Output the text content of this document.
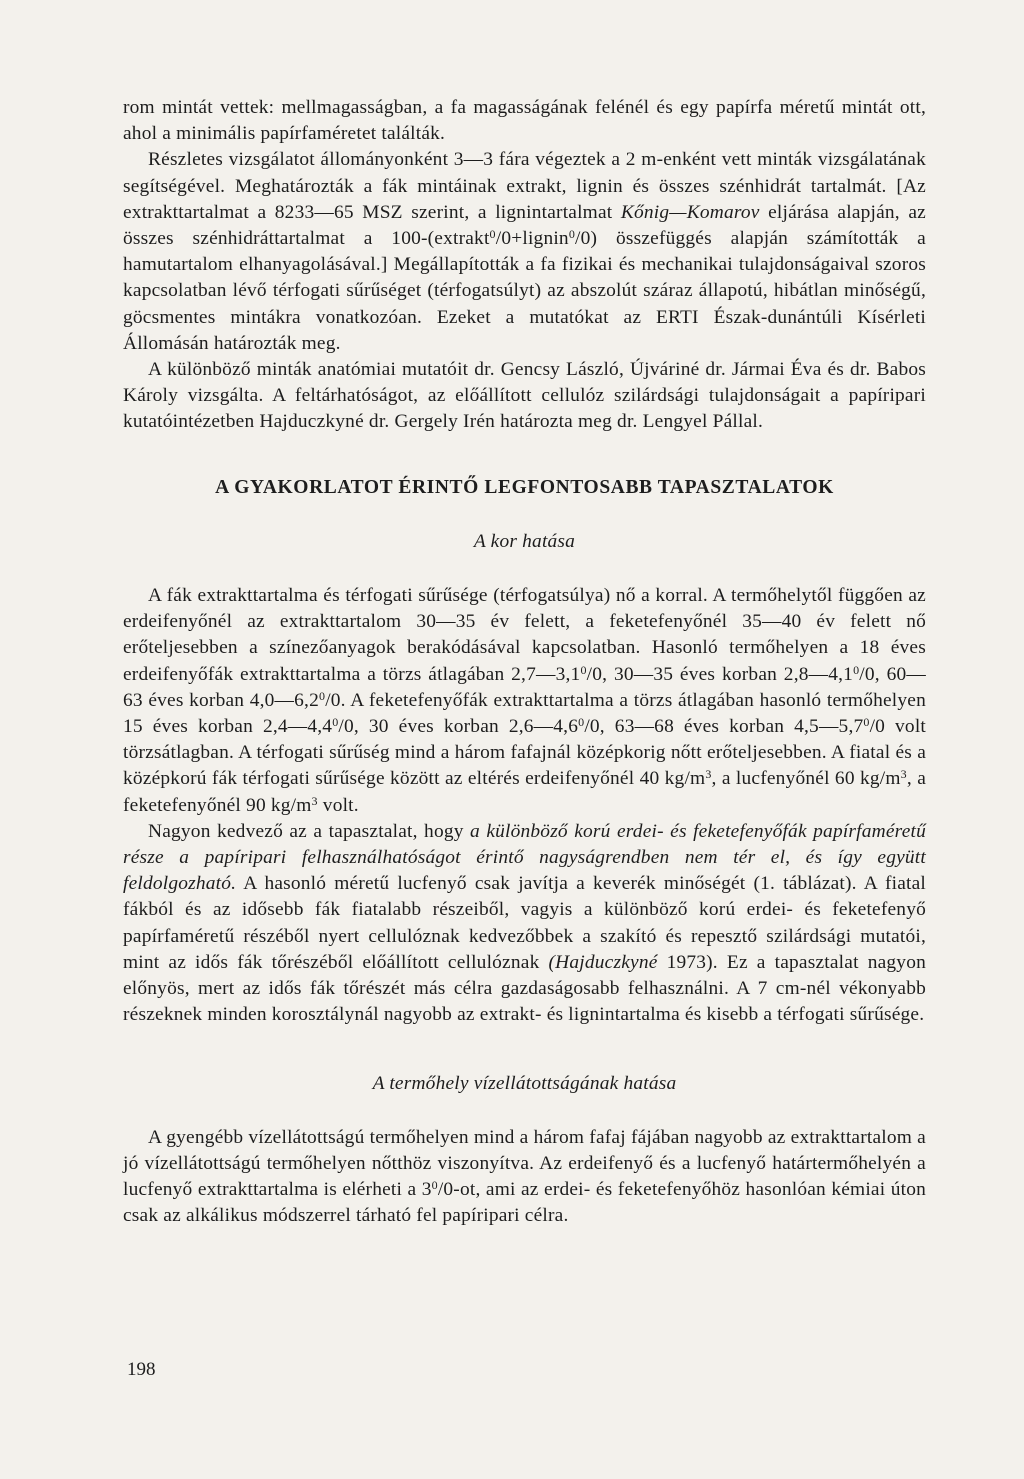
rom mintát vettek: mellmagasságban, a fa magasságának felénél és egy papírfa méretű mintát ott, ahol a minimális papírfaméretet találták.

Részletes vizsgálatot állományonként 3—3 fára végeztek a 2 m-enként vett minták vizsgálatának segítségével. Meghatározták a fák mintáinak extrakt, lignin és összes szénhidrát tartalmát. [Az extrakttartalmat a 8233—65 MSZ szerint, a lignintartalmat Kőnig—Komarov eljárása alapján, az összes szénhidráttartalmat a 100-(extrakt$^0$/0+lignin$^0$/0) összefüggés alapján számították a hamutartalom elhanyagolásával.] Megállapították a fa fizikai és mechanikai tulajdonságaival szoros kapcsolatban lévő térfogati sűrűséget (térfogatsúlyt) az abszolút száraz állapotú, hibátlan minőségű, göcsmentes mintákra vonatkozóan. Ezeket a mutatókat az ERTI Észak-dunántúli Kísérleti Állomásán határozták meg.

A különböző minták anatómiai mutatóit dr. Gencsy László, Újváriné dr. Jármai Éva és dr. Babos Károly vizsgálta. A feltárhatóságot, az előállított cellulóz szilárdsági tulajdonságait a papíripari kutatóintézetben Hajduczkyné dr. Gergely Irén határozta meg dr. Lengyel Pállal.

A GYAKORLATOT ÉRINTŐ LEGFONTOSABB TAPASZTALATOK
A kor hatása

A fák extrakttartalma és térfogati sűrűsége (térfogatsúlya) nő a korral. A termőhelytől függően az erdeifenyőnél az extrakttartalom 30—35 év felett, a feketefenyőnél 35—40 év felett nő erőteljesebben a színezőanyagok berakódásával kapcsolatban. Hasonló termőhelyen a 18 éves erdeifenyőfák extrakttartalma a törzs átlagában $2,7—3,1^0/0$, 30—35 éves korban $2,8—4,1^0/0$, 60—63 éves korban $4,0—6,2^0/0$. A feketefenyőfák extrakttartalma a törzs átlagában hasonló termőhelyen 15 éves korban $2,4—4,4^0/0$, 30 éves korban $2,6—4,6^0/0$, 63—68 éves korban $4,5—5,7^0/0$ volt törzsátlagban. A térfogati sűrűség mind a három fafajnál középkorig nőtt erőteljesebben. A fiatal és a középkorú fák térfogati sűrűsége között az eltérés erdeifenyőnél 40 $kg/m^3$, a lucfenyőnél 60 $kg/m^3$, a feketefenyőnél 90 $kg/m^3$ volt.

Nagyon kedvező az a tapasztalat, hogy a különböző korú erdei- és feketefenyőfák papírfaméretű része a papíripari felhasználhatóságot érintő nagyságrendben nem tér el, és így együtt feldolgozható. A hasonló méretű lucfenyő csak javítja a keverék minőségét (1. táblázat). A fiatal fákból és az idősebb fák fiatalabb részeiből, vagyis a különböző korú erdei- és feketefenyő papírfaméretű részéből nyert cellulóznak kedvezőbbek a szakító és repesztő szilárdsági mutatói, mint az idős fák tőrészéből előállított cellulóznak (Hajduczkyné 1973). Ez a tapasztalat nagyon előnyös, mert az idős fák tőrészét más célra gazdaságosabb felhasználni. A 7 cm-nél vékonyabb részeknek minden korosztálynál nagyobb az extrakt- és lignintartalma és kisebb a térfogati sűrűsége.

A termőhely vízellátottságának hatása

A gyengébb vízellátottságú termőhelyen mind a három fafaj fájában nagyobb az extrakttartalom a jó vízellátottságú termőhelyen nőtthöz viszonyítva. Az erdeifenyő és a lucfenyő határtermőhelyén a lucfenyő extrakttartalma is elérheti a $3^0/0-ot$, ami az erdei- és feketefenyőhöz hasonlóan kémiai úton csak az alkálikus módszerrel tárható fel papíripari célra.

198
